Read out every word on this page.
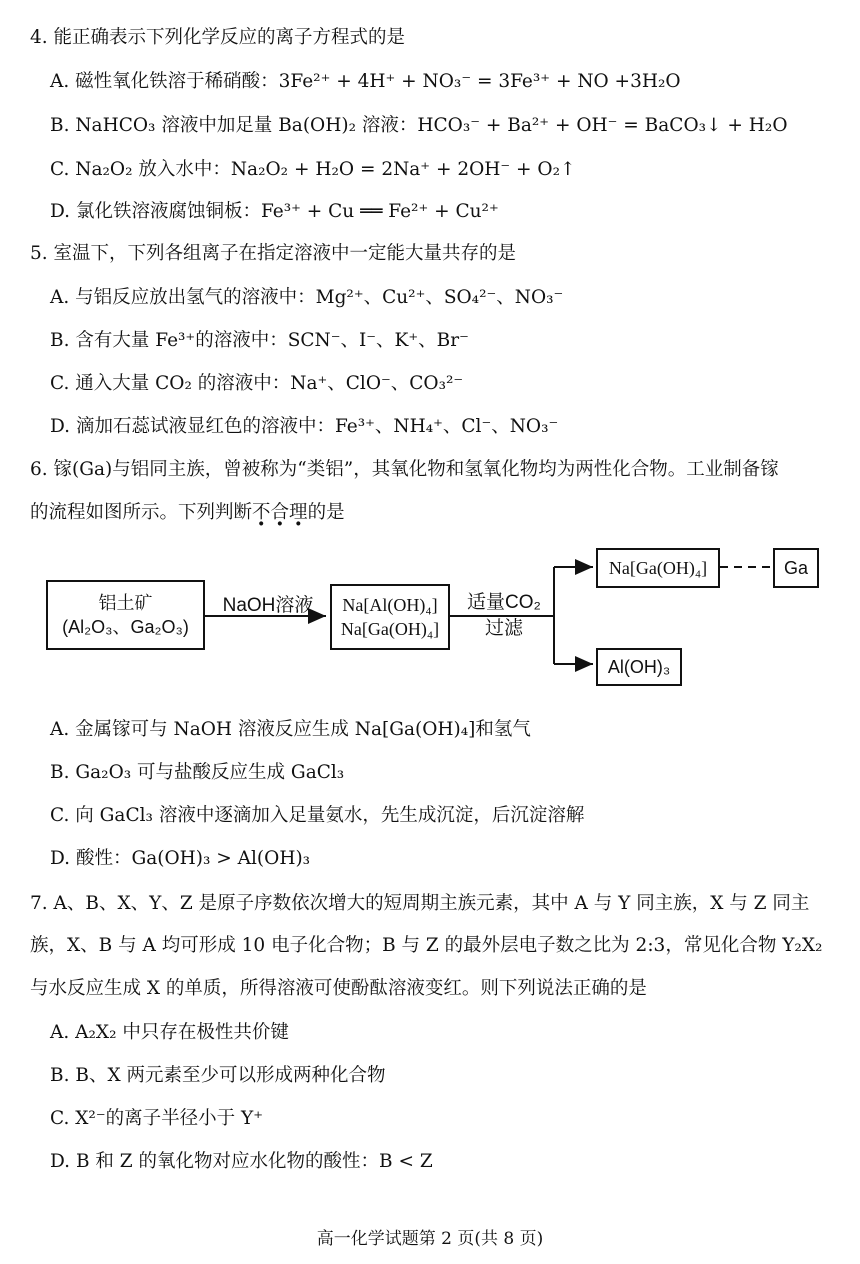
4. 能正确表示下列化学反应的离子方程式的是
A. 磁性氧化铁溶于稀硝酸：3Fe²⁺ + 4H⁺ + NO₃⁻ = 3Fe³⁺ + NO +3H₂O
B. NaHCO₃ 溶液中加足量 Ba(OH)₂ 溶液：HCO₃⁻ + Ba²⁺ + OH⁻ = BaCO₃↓ + H₂O
C. Na₂O₂ 放入水中：Na₂O₂ + H₂O = 2Na⁺ + 2OH⁻ + O₂↑
D. 氯化铁溶液腐蚀铜板：Fe³⁺ + Cu ══ Fe²⁺ + Cu²⁺
5. 室温下，下列各组离子在指定溶液中一定能大量共存的是
A. 与铝反应放出氢气的溶液中：Mg²⁺、Cu²⁺、SO₄²⁻、NO₃⁻
B. 含有大量 Fe³⁺的溶液中：SCN⁻、I⁻、K⁺、Br⁻
C. 通入大量 CO₂ 的溶液中：Na⁺、ClO⁻、CO₃²⁻
D. 滴加石蕊试液显红色的溶液中：Fe³⁺、NH₄⁺、Cl⁻、NO₃⁻
6. 镓(Ga)与铝同主族，曾被称为“类铝”，其氧化物和氢氧化物均为两性化合物。工业制备镓
的流程如图所示。下列判断不合理的是
铝土矿
(Al₂O₃、Ga₂O₃)
NaOH溶液	Na[Al(OH)₄]
Na[Ga(OH)₄]
适量CO₂
过滤
Na[Ga(OH)₄]	Ga
Al(OH)₃
A. 金属镓可与 NaOH 溶液反应生成 Na[Ga(OH)₄]和氢气
B. Ga₂O₃ 可与盐酸反应生成 GaCl₃
C. 向 GaCl₃ 溶液中逐滴加入足量氨水，先生成沉淀，后沉淀溶解
D. 酸性：Ga(OH)₃ > Al(OH)₃
7. A、B、X、Y、Z 是原子序数依次增大的短周期主族元素，其中 A 与 Y 同主族，X 与 Z 同主
族，X、B 与 A 均可形成 10 电子化合物；B 与 Z 的最外层电子数之比为 2:3，常见化合物 Y₂X₂
与水反应生成 X 的单质，所得溶液可使酚酞溶液变红。则下列说法正确的是
A. A₂X₂ 中只存在极性共价键
B. B、X 两元素至少可以形成两种化合物
C. X²⁻的离子半径小于 Y⁺
D. B 和 Z 的氧化物对应水化物的酸性：B < Z
高一化学试题第 2 页(共 8 页)
